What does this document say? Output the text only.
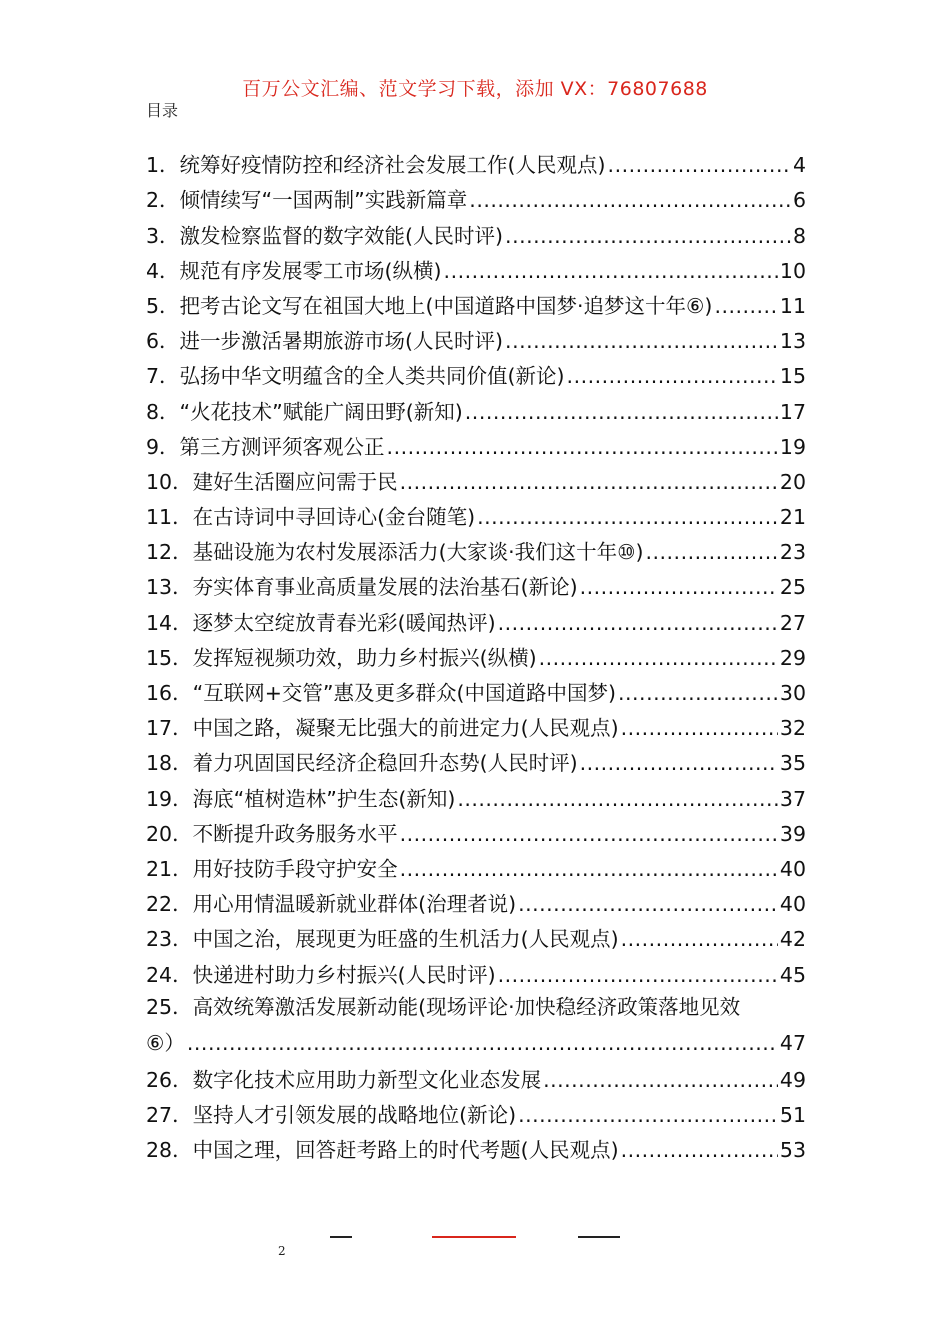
百万公文汇编、范文学习下载，添加 VX：76807688
目录
1．统筹好疫情防控和经济社会发展工作(人民观点) .....	4
2．倾情续写“一国两制”实践新篇章 .....	6
3．激发检察监督的数字效能(人民时评) .....	8
4．规范有序发展零工市场(纵横) .....	10
5．把考古论文写在祖国大地上(中国道路中国梦·追梦这十年⑥) .....	11
6．进一步激活暑期旅游市场(人民时评) .....	13
7．弘扬中华文明蕴含的全人类共同价值(新论) .....	15
8．“火花技术”赋能广阔田野(新知) .....	17
9．第三方测评须客观公正 .....	19
10．建好生活圈应问需于民 .....	20
11．在古诗词中寻回诗心(金台随笔) .....	21
12．基础设施为农村发展添活力(大家谈·我们这十年⑩) .....	23
13．夯实体育事业高质量发展的法治基石(新论) .....	25
14．逐梦太空绽放青春光彩(暖闻热评) .....	27
15．发挥短视频功效，助力乡村振兴(纵横) .....	29
16．“互联网+交管”惠及更多群众(中国道路中国梦) .....	30
17．中国之路，凝聚无比强大的前进定力(人民观点) .....	32
18．着力巩固国民经济企稳回升态势(人民时评) .....	35
19．海底“植树造林”护生态(新知) .....	37
20．不断提升政务服务水平 .....	39
21．用好技防手段守护安全 .....	40
22．用心用情温暖新就业群体(治理者说) .....	40
23．中国之治，展现更为旺盛的生机活力(人民观点) .....	42
24．快递进村助力乡村振兴(人民时评) .....	45
25．高效统筹激活发展新动能(现场评论·加快稳经济政策落地见效
⑥） .....	47
26．数字化技术应用助力新型文化业态发展 .....	49
27．坚持人才引领发展的战略地位(新论) .....	51
28．中国之理，回答赶考路上的时代考题(人民观点) .....	53
2
